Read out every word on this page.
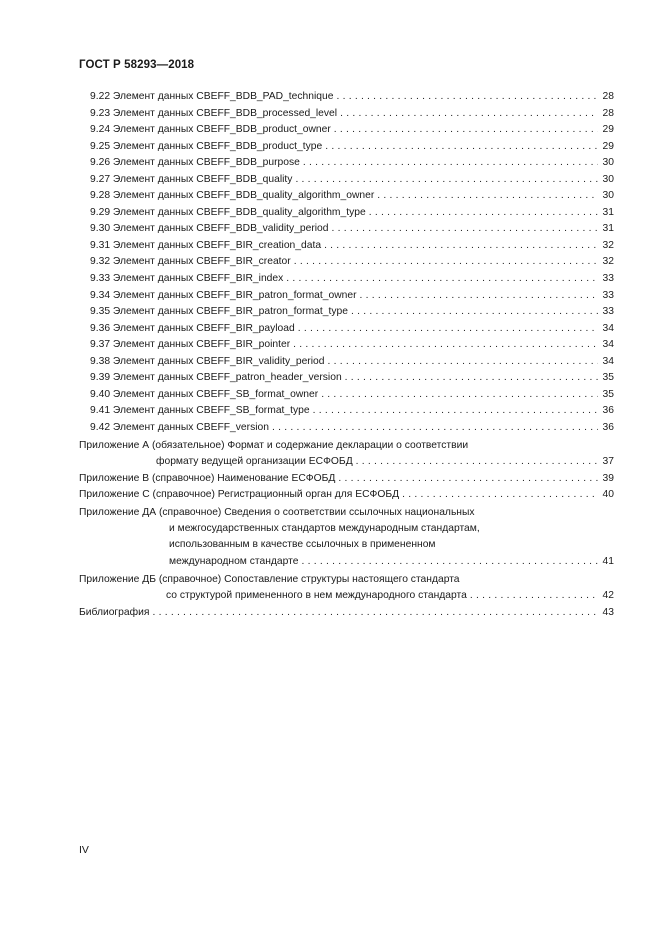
ГОСТ Р 58293—2018
9.22 Элемент данных CBEFF_BDB_PAD_technique . . .	28
9.23 Элемент данных CBEFF_BDB_processed_level . . .	28
9.24 Элемент данных CBEFF_BDB_product_owner . . .	29
9.25 Элемент данных CBEFF_BDB_product_type . . .	29
9.26 Элемент данных CBEFF_BDB_purpose . . .	30
9.27 Элемент данных CBEFF_BDB_quality . . .	30
9.28 Элемент данных CBEFF_BDB_quality_algorithm_owner . . .	30
9.29 Элемент данных CBEFF_BDB_quality_algorithm_type . . .	31
9.30 Элемент данных CBEFF_BDB_validity_period . . .	31
9.31 Элемент данных CBEFF_BIR_creation_data . . .	32
9.32 Элемент данных CBEFF_BIR_creator . . .	32
9.33 Элемент данных CBEFF_BIR_index . . .	33
9.34 Элемент данных CBEFF_BIR_patron_format_owner . . .	33
9.35 Элемент данных CBEFF_BIR_patron_format_type . . .	33
9.36 Элемент данных CBEFF_BIR_payload . . .	34
9.37 Элемент данных CBEFF_BIR_pointer . . .	34
9.38 Элемент данных CBEFF_BIR_validity_period . . .	34
9.39 Элемент данных CBEFF_patron_header_version . . .	35
9.40 Элемент данных CBEFF_SB_format_owner . . .	35
9.41 Элемент данных CBEFF_SB_format_type . . .	36
9.42 Элемент данных CBEFF_version . . .	36
Приложение А (обязательное) Формат и содержание декларации о соответствии
форматy ведущей организации ЕСФОБД . . .	37
Приложение В (справочное) Наименование ЕСФОБД . . .	39
Приложение С (справочное) Регистрационный орган для ЕСФОБД . . .	40
Приложение ДА (справочное) Сведения о соответствии ссылочных национальных
и межгосударственных стандартов международным стандартам,
использованным в качестве ссылочных в примененном
международном стандарте . . .	41
Приложение ДБ (справочное) Сопоставление структуры настоящего стандарта
со структурой примененного в нем международного стандарта . . .	42
Библиография . . .	43
IV
